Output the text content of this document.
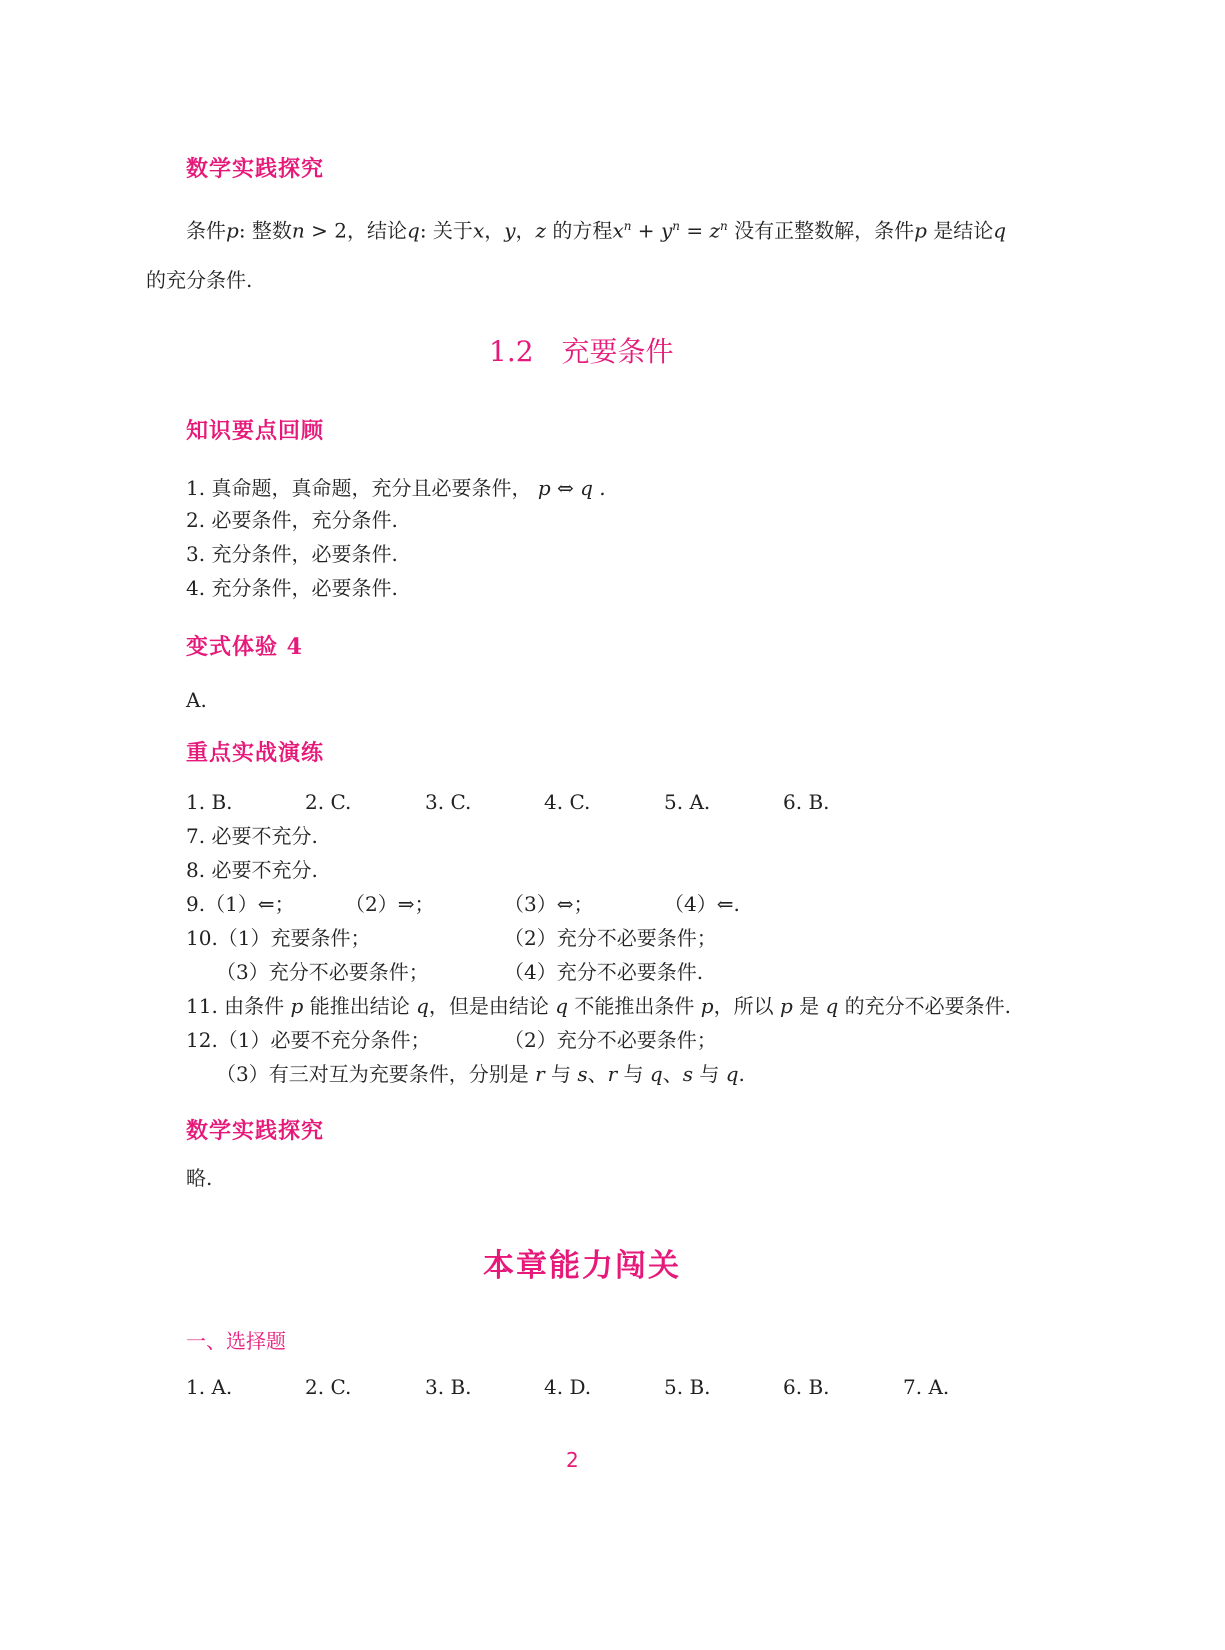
数学实践探究
条件p: 整数n > 2，结论q: 关于x，y，z 的方程$x^n + y^n = z^n$ 没有正整数解，条件p 是结论q
的充分条件.
1.2　充要条件
知识要点回顾
1. 真命题，真命题，充分且必要条件， p ⇔ q .
2. 必要条件，充分条件.
3. 充分条件，必要条件.
4. 充分条件，必要条件.
变式体验 4
A.
重点实战演练
1. B.	2. C.	3. C.	4. C.	5. A.	6. B.
7. 必要不充分.
8. 必要不充分.
9.（1）⇐；	（2）⇒；	（3）⇔；	（4）⇐.
10.（1）充要条件；	（2）充分不必要条件；
（3）充分不必要条件；	（4）充分不必要条件.
11. 由条件 p 能推出结论 q，但是由结论 q 不能推出条件 p，所以 p 是 q 的充分不必要条件.
12.（1）必要不充分条件；	（2）充分不必要条件；
（3）有三对互为充要条件，分别是 r 与 s、r 与 q、s 与 q.
数学实践探究
略.
本章能力闯关
一、选择题
1. A.	2. C.	3. B.	4. D.	5. B.	6. B.	7. A.
2
